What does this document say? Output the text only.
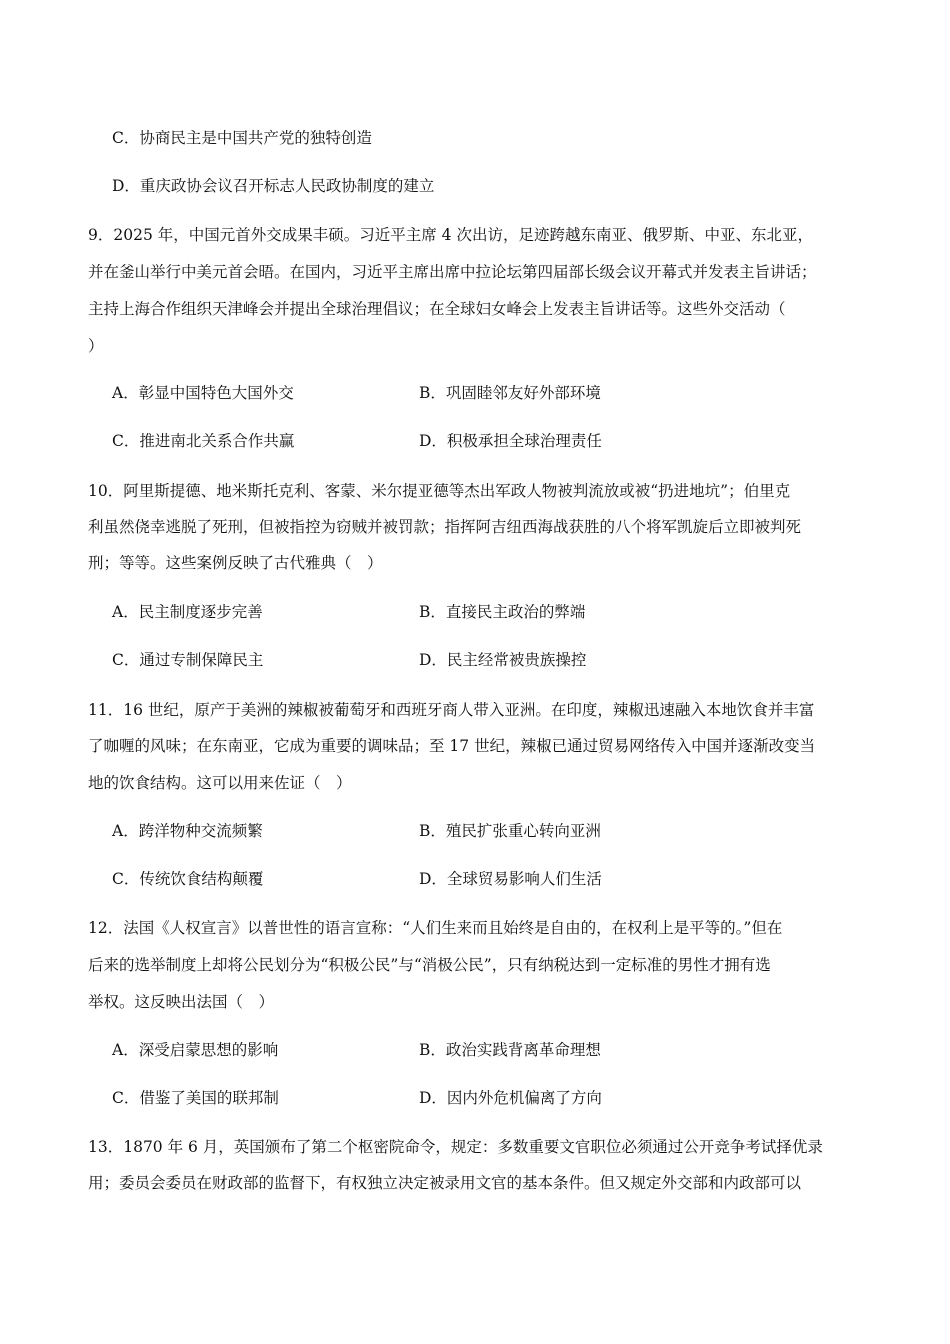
C．协商民主是中国共产党的独特创造
D．重庆政协会议召开标志人民政协制度的建立
9．2025 年，中国元首外交成果丰硕。习近平主席 4 次出访，足迹跨越东南亚、俄罗斯、中亚、东北亚，
并在釜山举行中美元首会晤。在国内，习近平主席出席中拉论坛第四届部长级会议开幕式并发表主旨讲话；
主持上海合作组织天津峰会并提出全球治理倡议；在全球妇女峰会上发表主旨讲话等。这些外交活动（
）
A．彰显中国特色大国外交	B．巩固睦邻友好外部环境
C．推进南北关系合作共赢	D．积极承担全球治理责任
10．阿里斯提德、地米斯托克利、客蒙、米尔提亚德等杰出军政人物被判流放或被“扔进地坑”；伯里克
利虽然侥幸逃脱了死刑，但被指控为窃贼并被罚款；指挥阿吉纽西海战获胜的八个将军凯旋后立即被判死
刑；等等。这些案例反映了古代雅典（　）
A．民主制度逐步完善	B．直接民主政治的弊端
C．通过专制保障民主	D．民主经常被贵族操控
11．16 世纪，原产于美洲的辣椒被葡萄牙和西班牙商人带入亚洲。在印度，辣椒迅速融入本地饮食并丰富
了咖喱的风味；在东南亚，它成为重要的调味品；至 17 世纪，辣椒已通过贸易网络传入中国并逐渐改变当
地的饮食结构。这可以用来佐证（　）
A．跨洋物种交流频繁	B．殖民扩张重心转向亚洲
C．传统饮食结构颠覆	D．全球贸易影响人们生活
12．法国《人权宣言》以普世性的语言宣称：“人们生来而且始终是自由的，在权利上是平等的。”但在
后来的选举制度上却将公民划分为“积极公民”与“消极公民”，只有纳税达到一定标准的男性才拥有选
举权。这反映出法国（　）
A．深受启蒙思想的影响	B．政治实践背离革命理想
C．借鉴了美国的联邦制	D．因内外危机偏离了方向
13．1870 年 6 月，英国颁布了第二个枢密院命令，规定：多数重要文官职位必须通过公开竞争考试择优录
用；委员会委员在财政部的监督下，有权独立决定被录用文官的基本条件。但又规定外交部和内政部可以
